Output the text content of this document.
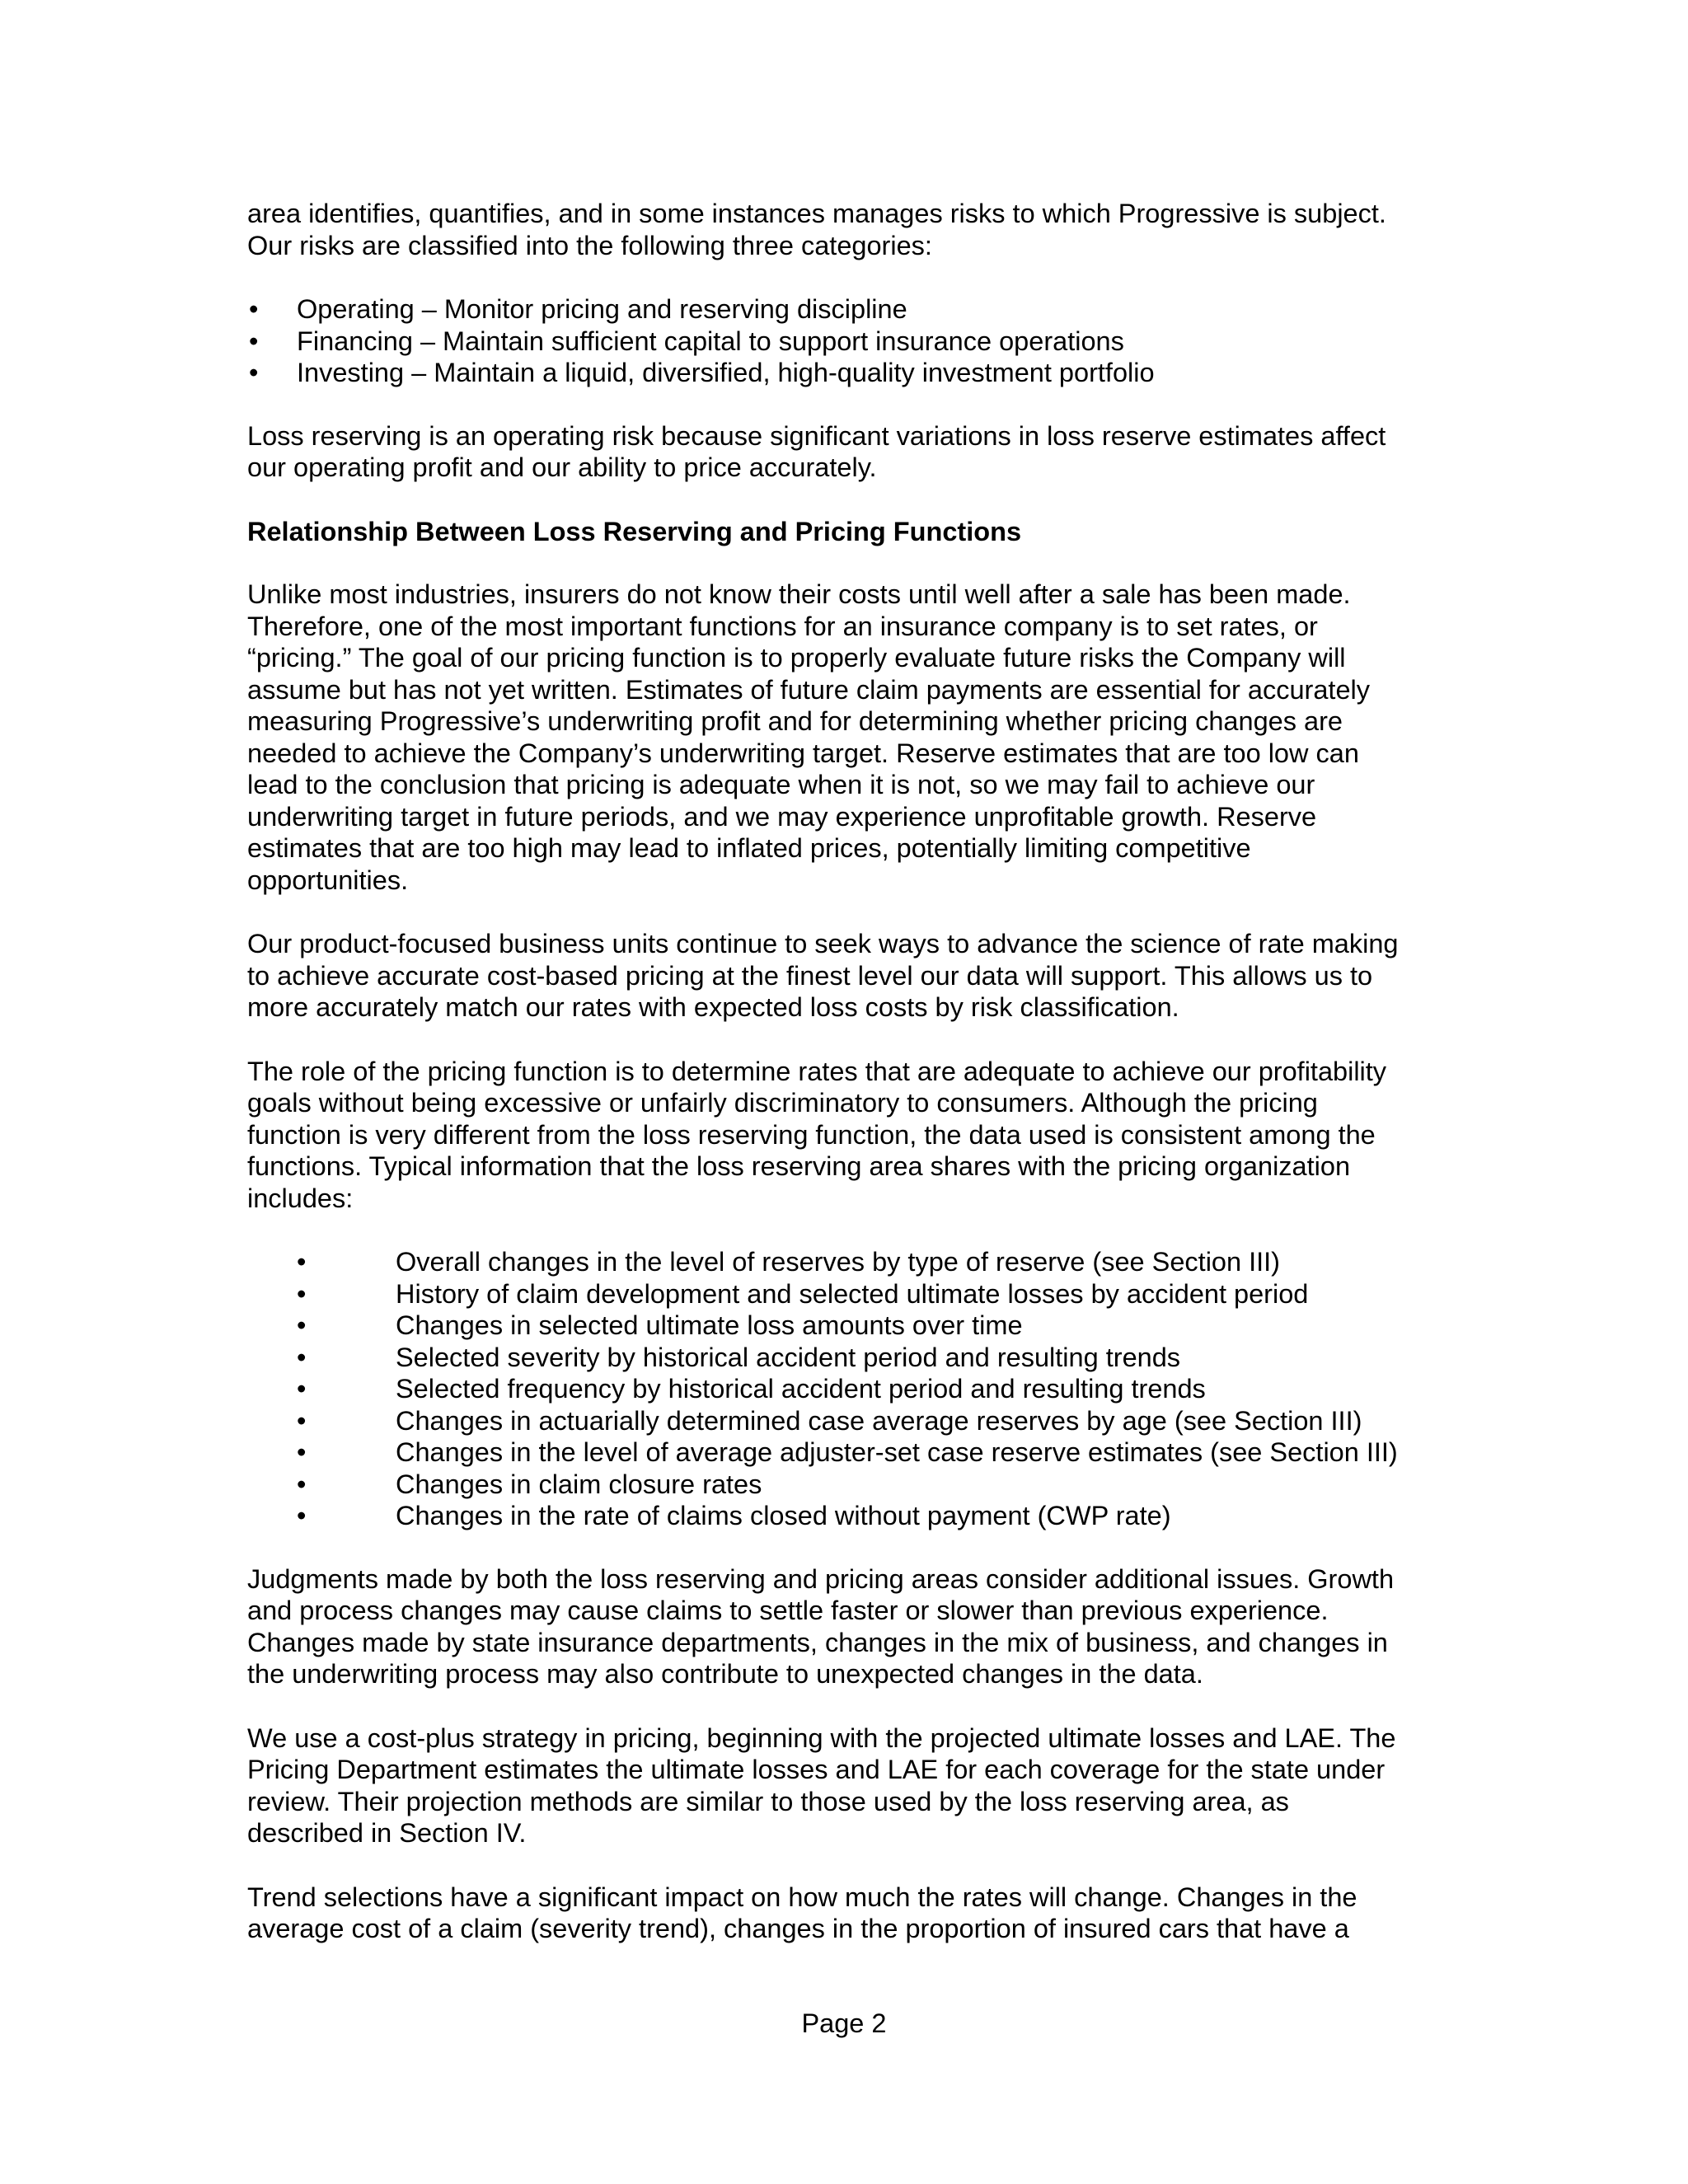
area identifies, quantifies, and in some instances manages risks to which Progressive is subject.
Our risks are classified into the following three categories:

• Operating – Monitor pricing and reserving discipline
• Financing – Maintain sufficient capital to support insurance operations
• Investing – Maintain a liquid, diversified, high-quality investment portfolio

Loss reserving is an operating risk because significant variations in loss reserve estimates affect
our operating profit and our ability to price accurately.

Relationship Between Loss Reserving and Pricing Functions

Unlike most industries, insurers do not know their costs until well after a sale has been made.
Therefore, one of the most important functions for an insurance company is to set rates, or
“pricing.” The goal of our pricing function is to properly evaluate future risks the Company will
assume but has not yet written. Estimates of future claim payments are essential for accurately
measuring Progressive’s underwriting profit and for determining whether pricing changes are
needed to achieve the Company’s underwriting target. Reserve estimates that are too low can
lead to the conclusion that pricing is adequate when it is not, so we may fail to achieve our
underwriting target in future periods, and we may experience unprofitable growth. Reserve
estimates that are too high may lead to inflated prices, potentially limiting competitive
opportunities.

Our product-focused business units continue to seek ways to advance the science of rate making
to achieve accurate cost-based pricing at the finest level our data will support. This allows us to
more accurately match our rates with expected loss costs by risk classification.

The role of the pricing function is to determine rates that are adequate to achieve our profitability
goals without being excessive or unfairly discriminatory to consumers. Although the pricing
function is very different from the loss reserving function, the data used is consistent among the
functions. Typical information that the loss reserving area shares with the pricing organization
includes:

•	Overall changes in the level of reserves by type of reserve (see Section III)
•	History of claim development and selected ultimate losses by accident period
•	Changes in selected ultimate loss amounts over time
•	Selected severity by historical accident period and resulting trends
•	Selected frequency by historical accident period and resulting trends
•	Changes in actuarially determined case average reserves by age (see Section III)
•	Changes in the level of average adjuster-set case reserve estimates (see Section III)
•	Changes in claim closure rates
•	Changes in the rate of claims closed without payment (CWP rate)

Judgments made by both the loss reserving and pricing areas consider additional issues. Growth
and process changes may cause claims to settle faster or slower than previous experience.
Changes made by state insurance departments, changes in the mix of business, and changes in
the underwriting process may also contribute to unexpected changes in the data.

We use a cost-plus strategy in pricing, beginning with the projected ultimate losses and LAE. The
Pricing Department estimates the ultimate losses and LAE for each coverage for the state under
review. Their projection methods are similar to those used by the loss reserving area, as
described in Section IV.

Trend selections have a significant impact on how much the rates will change. Changes in the
average cost of a claim (severity trend), changes in the proportion of insured cars that have a

Page 2
